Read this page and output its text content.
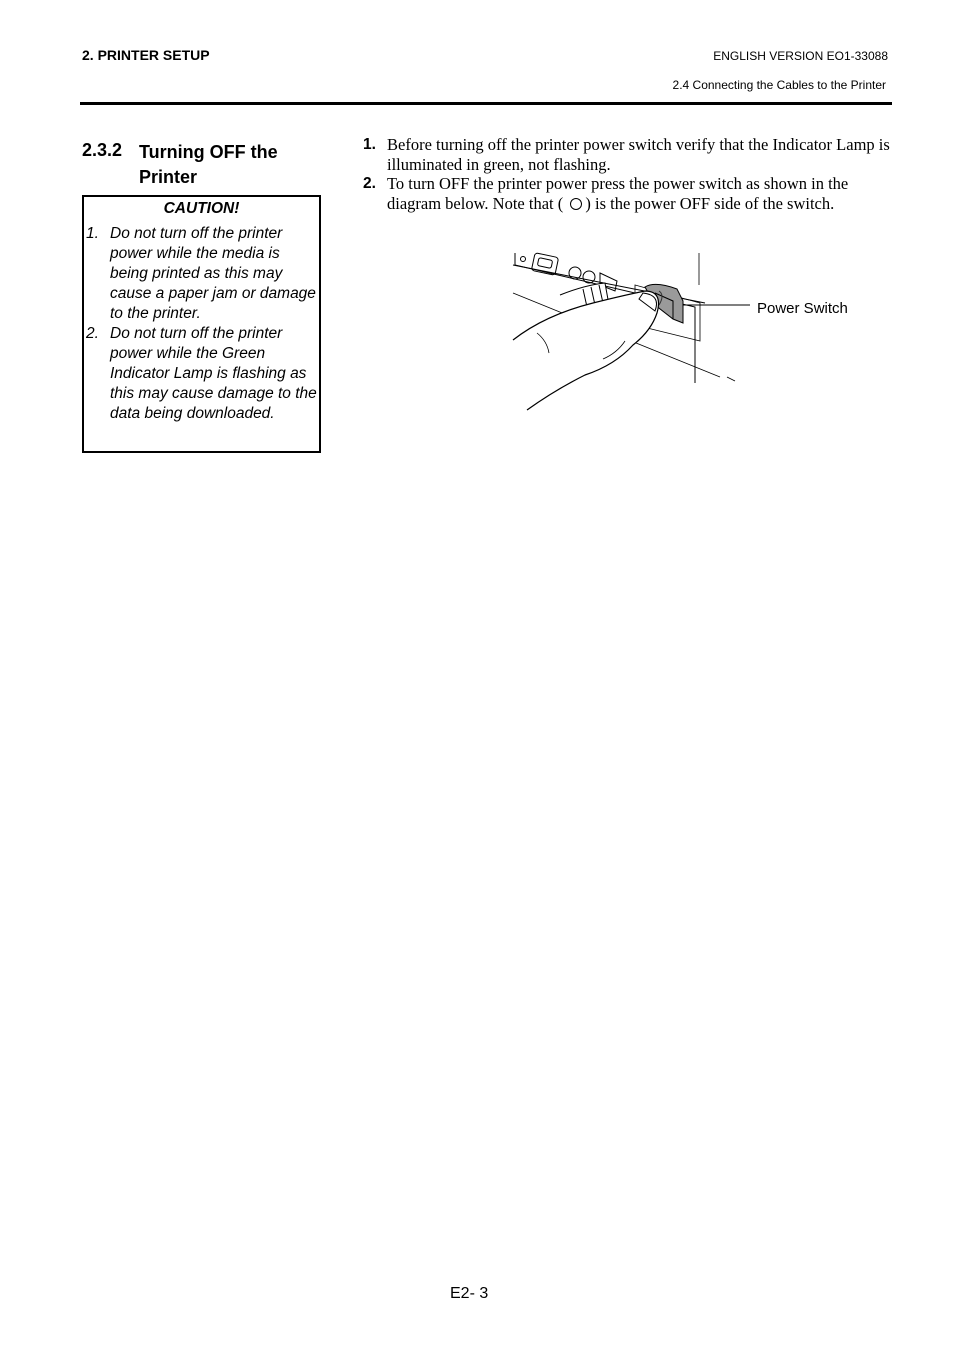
2. PRINTER SETUP	ENGLISH VERSION EO1-33088
2.4 Connecting the Cables to the Printer
2.3.2 Turning OFF the Printer
CAUTION!
1. Do not turn off the printer power while the media is being printed as this may cause a paper jam or damage to the printer.
2. Do not turn off the printer power while the Green Indicator Lamp is flashing as this may cause damage to the data being downloaded.
1. Before turning off the printer power switch verify that the Indicator Lamp is illuminated in green, not flashing.
2. To turn OFF the printer power press the power switch as shown in the diagram below. Note that ( ) is the power OFF side of the switch.
Power Switch
E2- 3
